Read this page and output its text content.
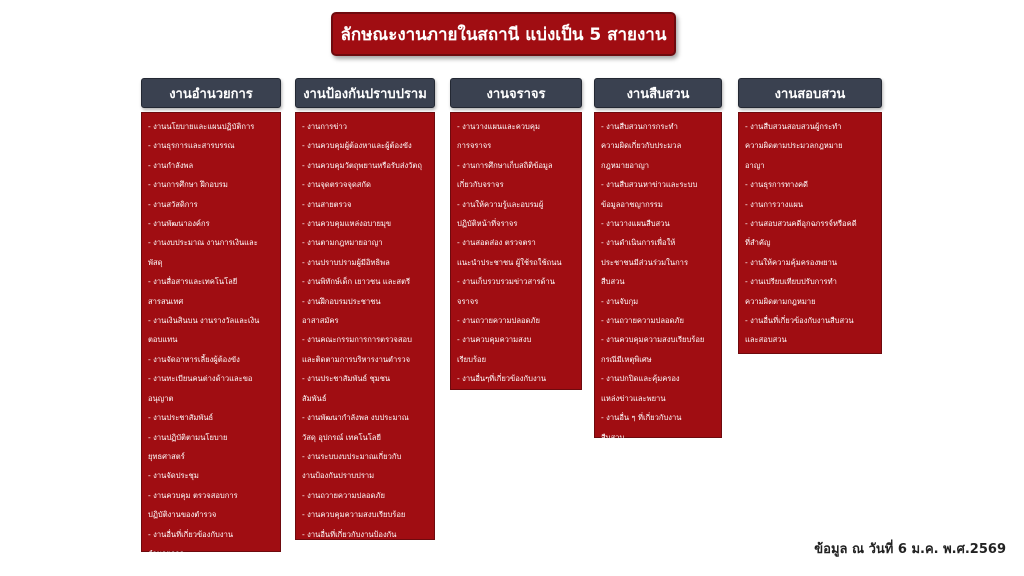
ลักษณะงานภายในสถานี แบ่งเป็น 5 สายงาน
งานอำนวยการ
- งานนโยบายและแผนปฏิบัติการ
- งานธุรการและสารบรรณ
- งานกำลังพล
- งานการศึกษา ฝึกอบรม
- งานสวัสดิการ
- งานพัฒนาองค์กร
- งานงบประมาณ งานการเงินและ
พัสดุ
- งานสื่อสารและเทคโนโลยี
สารสนเทศ
- งานเงินสินบน งานรางวัลและเงิน
ตอบแทน
- งานจัดอาหารเลี้ยงผู้ต้องขัง
- งานทะเบียนคนต่างด้าวและขอ
อนุญาต
- งานประชาสัมพันธ์
- งานปฏิบัติตามนโยบาย
ยุทธศาสตร์
- งานจัดประชุม
- งานควบคุม ตรวจสอบการ
ปฏิบัติงานของตำรวจ
- งานอื่นที่เกี่ยวข้องกับงาน
อำนวยการ
งานป้องกันปราบปราม
- งานการข่าว
- งานควบคุมผู้ต้องหาและผู้ต้องขัง
- งานควบคุมวัตถุพยานหรือรับส่งวัตถุ
- งานจุดตรวจจุดสกัด
- งานสายตรวจ
- งานควบคุมแหล่งอบายมุข
- งานตามกฎหมายอาญา
- งานปราบปรามผู้มีอิทธิพล
- งานพิทักษ์เด็ก เยาวชน และสตรี
- งานฝึกอบรมประชาชน
อาสาสมัคร
- งานคณะกรรมการการตรวจสอบ
และติดตามการบริหารงานตำรวจ
- งานประชาสัมพันธ์ ชุมชน
สัมพันธ์
- งานพัฒนากำลังพล งบประมาณ
วัสดุ อุปกรณ์ เทคโนโลยี
- งานระบบงบประมาณเกี่ยวกับ
งานป้องกันปราบปราม
- งานถวายความปลอดภัย
- งานควบคุมความสงบเรียบร้อย
- งานอื่นที่เกี่ยวกับงานป้องกัน
งานจราจร
- งานวางแผนและควบคุม
การจราจร
- งานการศึกษาเก็บสถิติข้อมูล
เกี่ยวกับจราจร
- งานให้ความรู้และอบรมผู้
ปฏิบัติหน้าที่จราจร
- งานสอดส่อง ตรวจตรา
แนะนำประชาชน ผู้ใช้รถใช้ถนน
- งานเก็บรวบรวมข่าวสารด้าน
จราจร
- งานถวายความปลอดภัย
- งานควบคุมความสงบ
เรียบร้อย
- งานอื่นๆที่เกี่ยวข้องกับงาน
งานสืบสวน
- งานสืบสวนการกระทำ
ความผิดเกี่ยวกับประมวล
กฎหมายอาญา
- งานสืบสวนหาข่าวและระบบ
ข้อมูลอาชญากรรม
- งานวางแผนสืบสวน
- งานดำเนินการเพื่อให้
ประชาชนมีส่วนร่วมในการ
สืบสวน
- งานจับกุม
- งานถวายความปลอดภัย
- งานควบคุมความสงบเรียบร้อย
กรณีมีเหตุพิเศษ
- งานปกปิดและคุ้มครอง
แหล่งข่าวและพยาน
- งานอื่น ๆ ที่เกี่ยวกับงาน
สืบสวน
งานสอบสวน
- งานสืบสวนสอบสวนผู้กระทำ
ความผิดตามประมวลกฎหมาย
อาญา
- งานธุรการทางคดี
- งานการวางแผน
- งานสอบสวนคดีอุกฉกรรจ์หรือคดี
ที่สำคัญ
- งานให้ความคุ้มครองพยาน
- งานเปรียบเทียบปรับการทำ
ความผิดตามกฎหมาย
- งานอื่นที่เกี่ยวข้องกับงานสืบสวน
และสอบสวน
ข้อมูล ณ วันที่ 6 ม.ค. พ.ศ.2569
